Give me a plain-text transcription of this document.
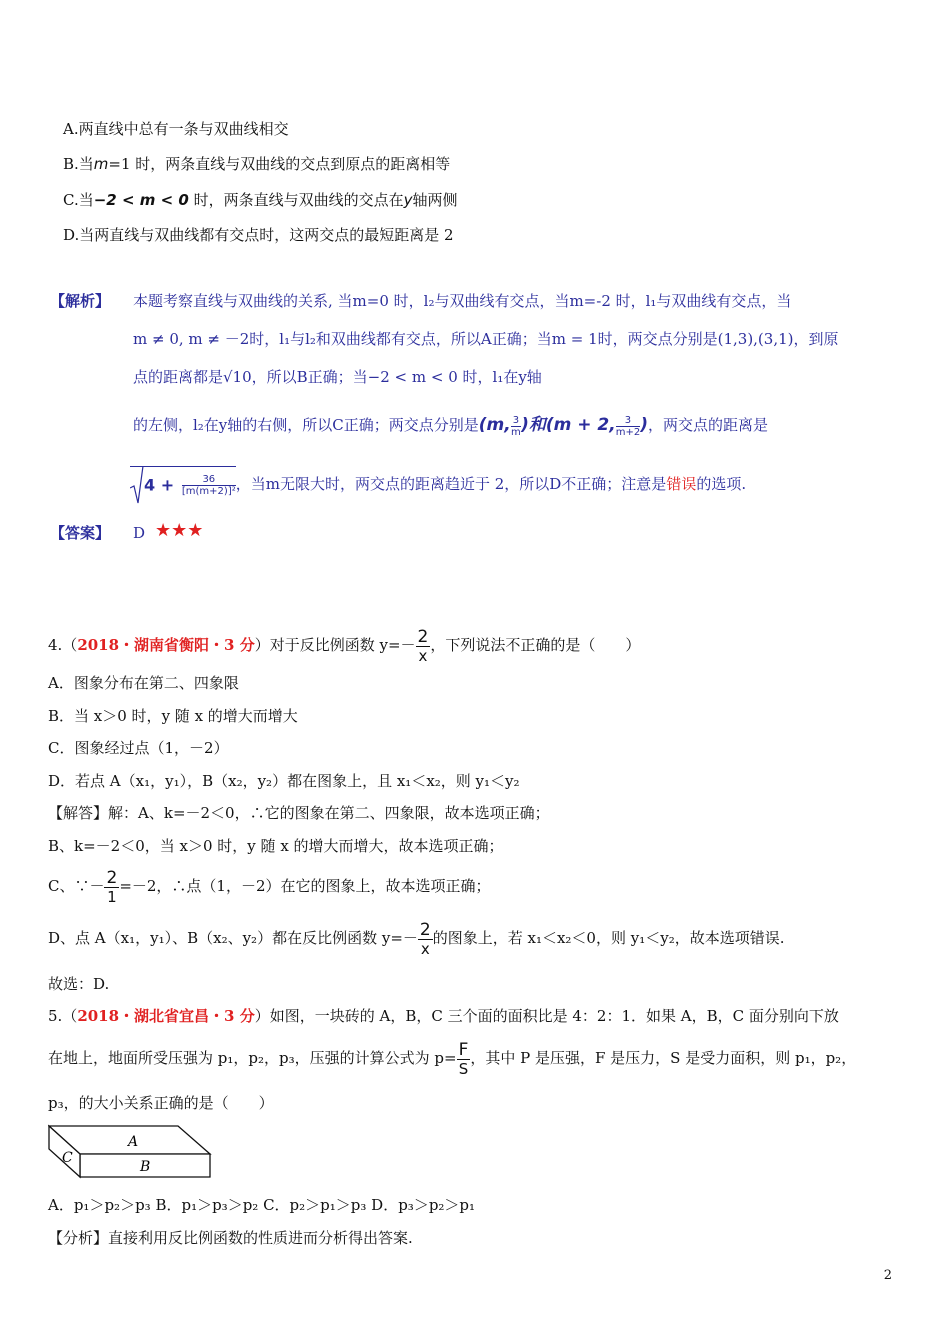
A.两直线中总有一条与双曲线相交
B.当m=1 时，两条直线与双曲线的交点到原点的距离相等
C.当−2 < m < 0 时，两条直线与双曲线的交点在y轴两侧
D.当两直线与双曲线都有交点时，这两交点的最短距离是 2
【解析】 本题考察直线与双曲线的关系, 当m=0 时，l₂与双曲线有交点，当m=-2 时，l₁与双曲线有交点，当
m ≠ 0, m ≠ －2时，l₁与l₂和双曲线都有交点，所以A正确；当m = 1时，两交点分别是(1,3),(3,1)，到原
点的距离都是√10，所以B正确；当−2 < m < 0 时，l₁在y轴
的左侧，l₂在y轴的右侧，所以C正确；两交点分别是(m, $\frac{3}{m}$ )和(m + 2, $\frac{3}{m+2}$ )，两交点的距离是
$4 + \frac{36}{\text{[m(m+2)]²}}$ ，当m无限大时，两交点的距离趋近于 2，所以D不正确；注意是错误的选项.
【答案】 D ★★★
4.（2018・湖南省衡阳・3 分）对于反比例函数 $y=- \frac{2}{x}$ ，下列说法不正确的是（　　）
A．图象分布在第二、四象限
B．当 x＞0 时，y 随 x 的增大而增大
C．图象经过点（1，－2）
D．若点 A（x₁，y₁），B（x₂，y₂）都在图象上，且 x₁＜x₂，则 y₁＜y₂
【解答】解：A、k=－2＜0，∴它的图象在第二、四象限，故本选项正确；
B、k=－2＜0，当 x＞0 时，y 随 x 的增大而增大，故本选项正确；
C、∵－ $\frac{2}{1} =-2$，∴点（1，－2）在它的图象上，故本选项正确；
D、点 A（x₁，y₁）、B（x₂、y₂）都在反比例函数 $y=- \frac{2}{x}$ 的图象上，若 x₁＜x₂＜0，则 y₁＜y₂，故本选项错误.
故选：D.
5.（2018・湖北省宜昌・3 分）如图，一块砖的 A，B，C 三个面的面积比是 4：2：1．如果 A，B，C 面分别向下放
在地上，地面所受压强为 p₁，p₂，p₃，压强的计算公式为 $p= \frac{F}{S}$ ，其中 P 是压强，F 是压力，S 是受力面积，则 p₁，p₂，
p₃，的大小关系正确的是（　　）
A
B
C
A．p₁＞p₂＞p₃ B．p₁＞p₃＞p₂ C．p₂＞p₁＞p₃ D．p₃＞p₂＞p₁
【分析】直接利用反比例函数的性质进而分析得出答案.
2
